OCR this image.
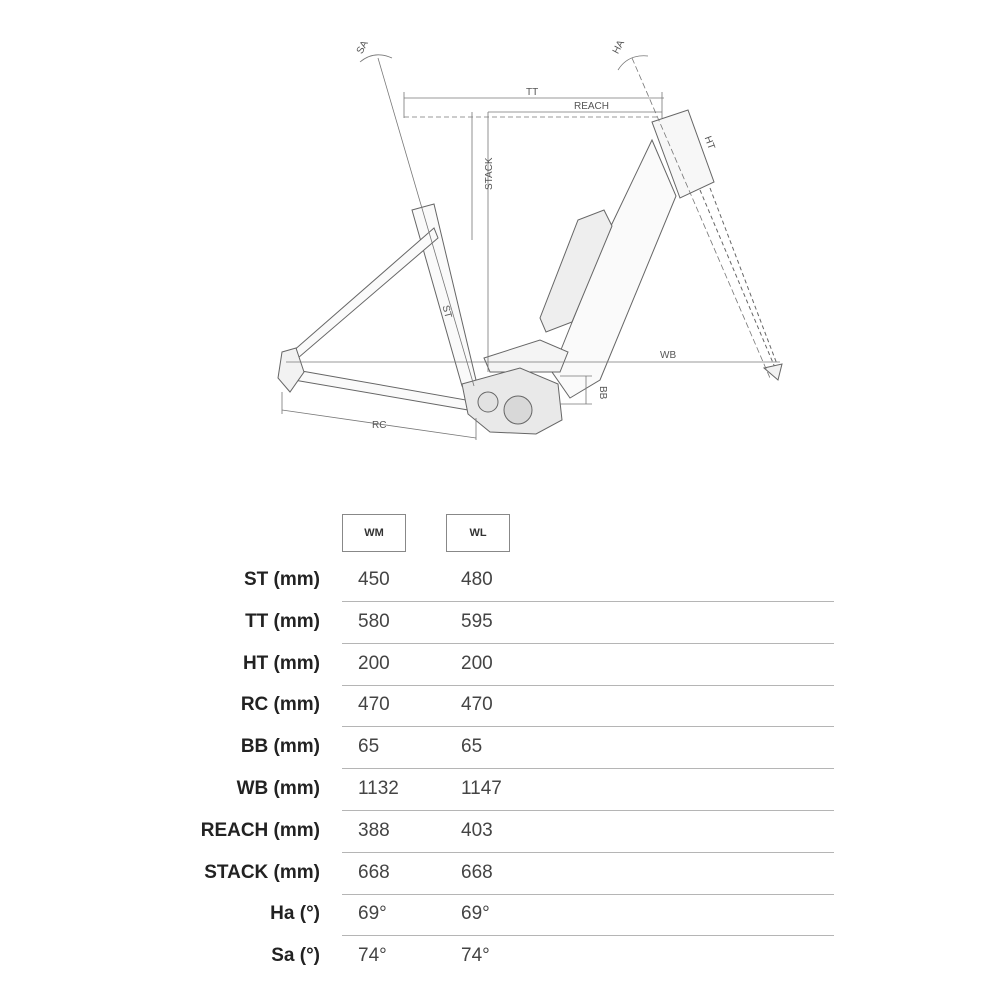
SA	HA
TT
REACH
HT
STACK
ST
WB
BB
RC
WM	WL
ST (mm) 450	480
TT (mm) 580	595
HT (mm) 200	200
RC (mm) 470	470
BB (mm) 65	65
WB (mm) 1132	1147
REACH (mm) 388	403
STACK (mm) 668	668
Ha (°) 69°	69°
Sa (°) 74°	74°
